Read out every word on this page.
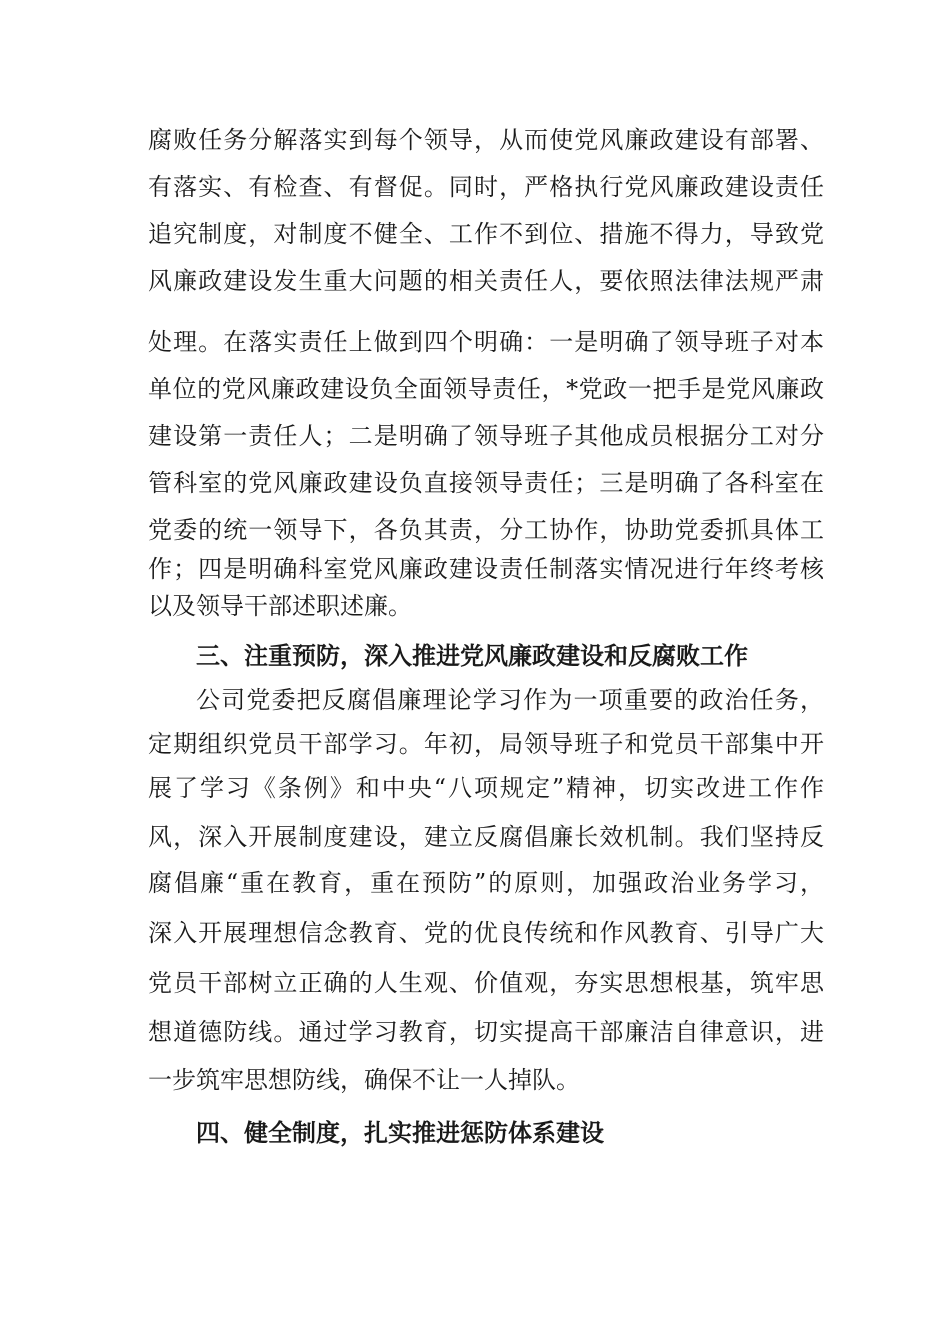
腐败任务分解落实到每个领导，从而使党风廉政建设有部署、
有落实、有检查、有督促。同时，严格执行党风廉政建设责任
追究制度，对制度不健全、工作不到位、措施不得力，导致党
风廉政建设发生重大问题的相关责任人，要依照法律法规严肃
处理。在落实责任上做到四个明确：一是明确了领导班子对本
单位的党风廉政建设负全面领导责任，*党政一把手是党风廉政
建设第一责任人；二是明确了领导班子其他成员根据分工对分
管科室的党风廉政建设负直接领导责任；三是明确了各科室在
党委的统一领导下，各负其责，分工协作，协助党委抓具体工
作；四是明确科室党风廉政建设责任制落实情况进行年终考核
以及领导干部述职述廉。
三、注重预防，深入推进党风廉政建设和反腐败工作
公司党委把反腐倡廉理论学习作为一项重要的政治任务，
定期组织党员干部学习。年初，局领导班子和党员干部集中开
展了学习《条例》和中央“八项规定”精神，切实改进工作作
风，深入开展制度建设，建立反腐倡廉长效机制。我们坚持反
腐倡廉“重在教育，重在预防”的原则，加强政治业务学习，
深入开展理想信念教育、党的优良传统和作风教育、引导广大
党员干部树立正确的人生观、价值观，夯实思想根基，筑牢思
想道德防线。通过学习教育，切实提高干部廉洁自律意识，进
一步筑牢思想防线，确保不让一人掉队。
四、健全制度，扎实推进惩防体系建设
